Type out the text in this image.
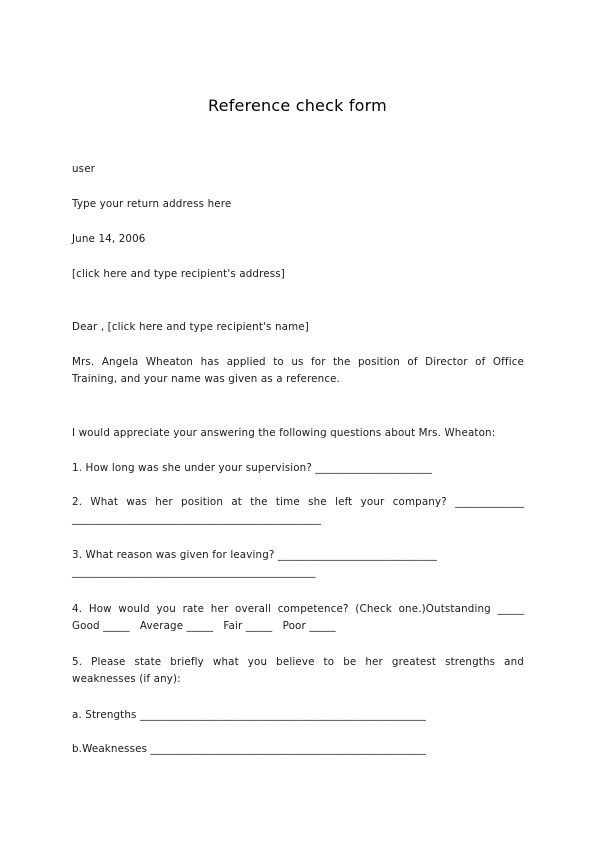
Reference check form
user
Type your return address here
June 14, 2006
[click here and type recipient's address]
Dear , [click here and type recipient's name]
Mrs. Angela Wheaton has applied to us for the position of Director of Office
Training, and your name was given as a reference.
I would appreciate your answering the following questions about Mrs. Wheaton:
1. How long was she under your supervision? ______________________
2. What was her position at the time she left your company? _____________
_______________________________________________
3. What reason was given for leaving? ______________________________
______________________________________________
4. How would you rate her overall competence? (Check one.)Outstanding _____
Good _____   Average _____   Fair _____   Poor _____
5. Please state briefly what you believe to be her greatest strengths and
weaknesses (if any):
a. Strengths ______________________________________________________
b.Weaknesses ____________________________________________________
